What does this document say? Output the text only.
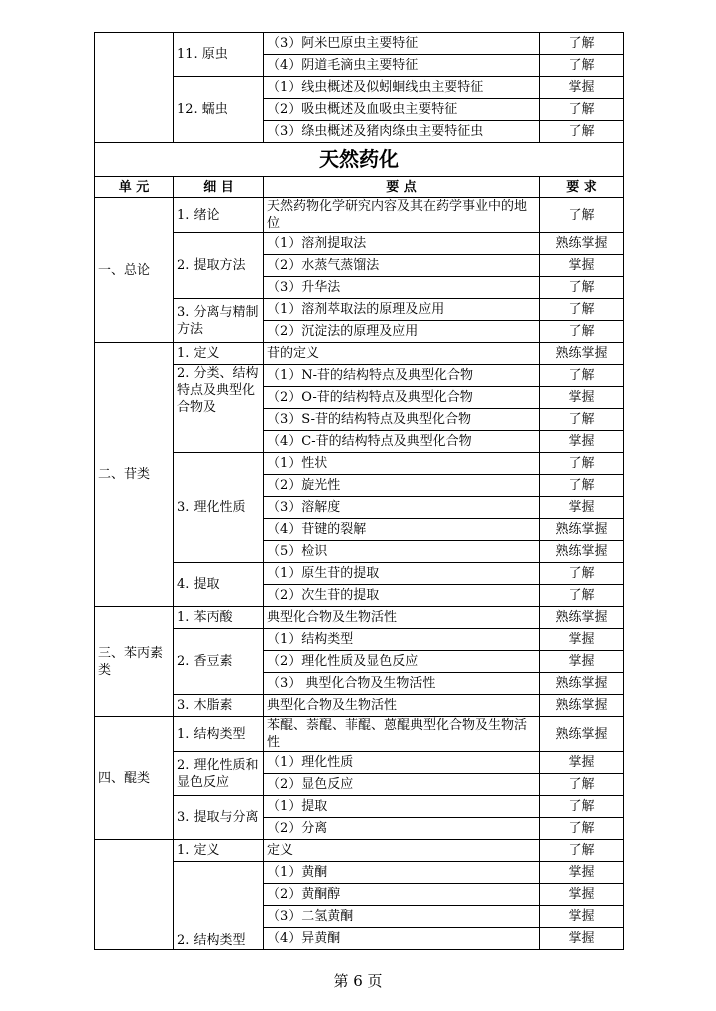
	11. 原虫	（3）阿米巴原虫主要特征	了解
		（4）阴道毛滴虫主要特征	了解
	12. 蠕虫	（1）线虫概述及似蚓蛔线虫主要特征	掌握
		（2）吸虫概述及血吸虫主要特征	了解
		（3）绦虫概述及猪肉绦虫主要特征虫	了解
天然药化			
单 元	细 目	要 点	要 求
一、总论	1. 绪论	天然药物化学研究内容及其在药学事业中的地位	了解
	2. 提取方法	（1）溶剂提取法	熟练掌握
		（2）水蒸气蒸馏法	掌握
		（3）升华法	了解
	3. 分离与精制方法	（1）溶剂萃取法的原理及应用	了解
		（2）沉淀法的原理及应用	了解
二、苷类	1. 定义	苷的定义	熟练掌握
	2. 分类、结构特点及典型化合物及	（1）N-苷的结构特点及典型化合物	了解
		（2）O-苷的结构特点及典型化合物	掌握
		（3）S-苷的结构特点及典型化合物	了解
		（4）C-苷的结构特点及典型化合物	掌握
	3. 理化性质	（1）性状	了解
		（2）旋光性	了解
		（3）溶解度	掌握
		（4）苷键的裂解	熟练掌握
		（5）检识	熟练掌握
	4. 提取	（1）原生苷的提取	了解
		（2）次生苷的提取	了解
三、苯丙素类	1. 苯丙酸	典型化合物及生物活性	熟练掌握
	2. 香豆素	（1）结构类型	掌握
		（2）理化性质及显色反应	掌握
		（3） 典型化合物及生物活性	熟练掌握
	3. 木脂素	典型化合物及生物活性	熟练掌握
四、醌类	1. 结构类型	苯醌、萘醌、菲醌、蒽醌典型化合物及生物活性	熟练掌握
	2. 理化性质和显色反应	（1）理化性质	掌握
		（2）显色反应	了解
	3. 提取与分离	（1）提取	了解
		（2）分离	了解
	1. 定义	定义	了解
	2. 结构类型	（1）黄酮	掌握
		（2）黄酮醇	掌握
		（3）二氢黄酮	掌握
		（4）异黄酮	掌握
第 6 页
